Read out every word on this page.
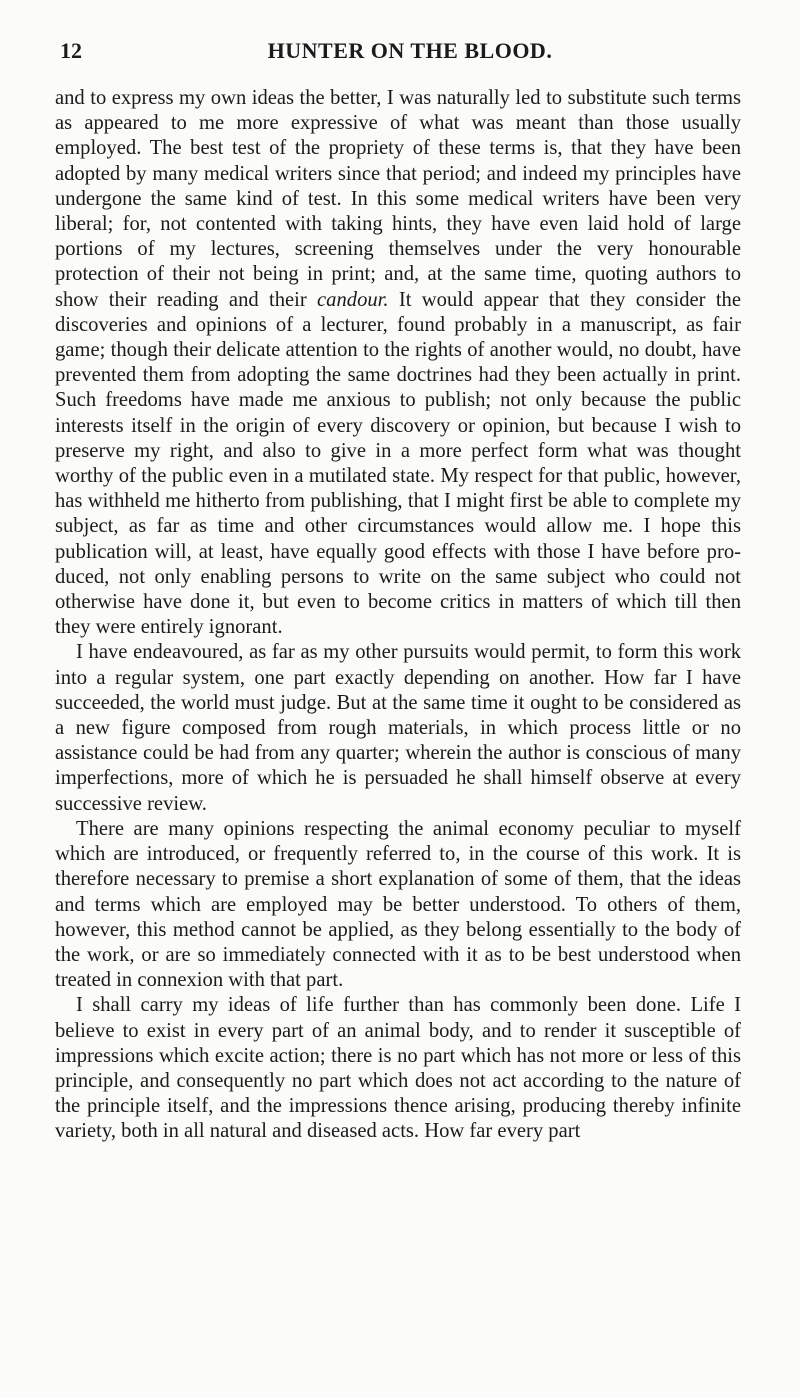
12	HUNTER ON THE BLOOD.

and to express my own ideas the better, I was naturally led to substitute such terms as appeared to me more expressive of what was meant than those usually employed. The best test of the propriety of these terms is, that they have been adopted by many medical writers since that period; and indeed my principles have undergone the same kind of test. In this some medical writers have been very liberal; for, not contented with taking hints, they have even laid hold of large portions of my lectures, screening themselves under the very honourable protection of their not being in print; and, at the same time, quoting authors to show their reading and their candour. It would appear that they consider the discoveries and opinions of a lecturer, found probably in a manuscript, as fair game; though their delicate attention to the rights of another would, no doubt, have prevented them from adopting the same doctrines had they been actually in print. Such freedoms have made me anxious to publish; not only because the public interests itself in the origin of every discovery or opinion, but because I wish to preserve my right, and also to give in a more perfect form what was thought worthy of the public even in a mutilated state. My respect for that public, however, has withheld me hitherto from publishing, that I might first be able to complete my subject, as far as time and other circumstances would allow me. I hope this publication will, at least, have equally good effects with those I have before produced, not only enabling persons to write on the same subject who could not otherwise have done it, but even to become critics in matters of which till then they were entirely ignorant.

I have endeavoured, as far as my other pursuits would permit, to form this work into a regular system, one part exactly depending on another. How far I have succeeded, the world must judge. But at the same time it ought to be considered as a new figure composed from rough materials, in which process little or no assistance could be had from any quarter; wherein the author is conscious of many imperfections, more of which he is persuaded he shall himself observe at every successive review.

There are many opinions respecting the animal economy peculiar to myself which are introduced, or frequently referred to, in the course of this work. It is therefore necessary to premise a short explanation of some of them, that the ideas and terms which are employed may be better understood. To others of them, however, this method cannot be applied, as they belong essentially to the body of the work, or are so immediately connected with it as to be best understood when treated in connexion with that part.

I shall carry my ideas of life further than has commonly been done. Life I believe to exist in every part of an animal body, and to render it susceptible of impressions which excite action; there is no part which has not more or less of this principle, and consequently no part which does not act according to the nature of the principle itself, and the impressions thence arising, producing thereby infinite variety, both in all natural and diseased acts. How far every part
